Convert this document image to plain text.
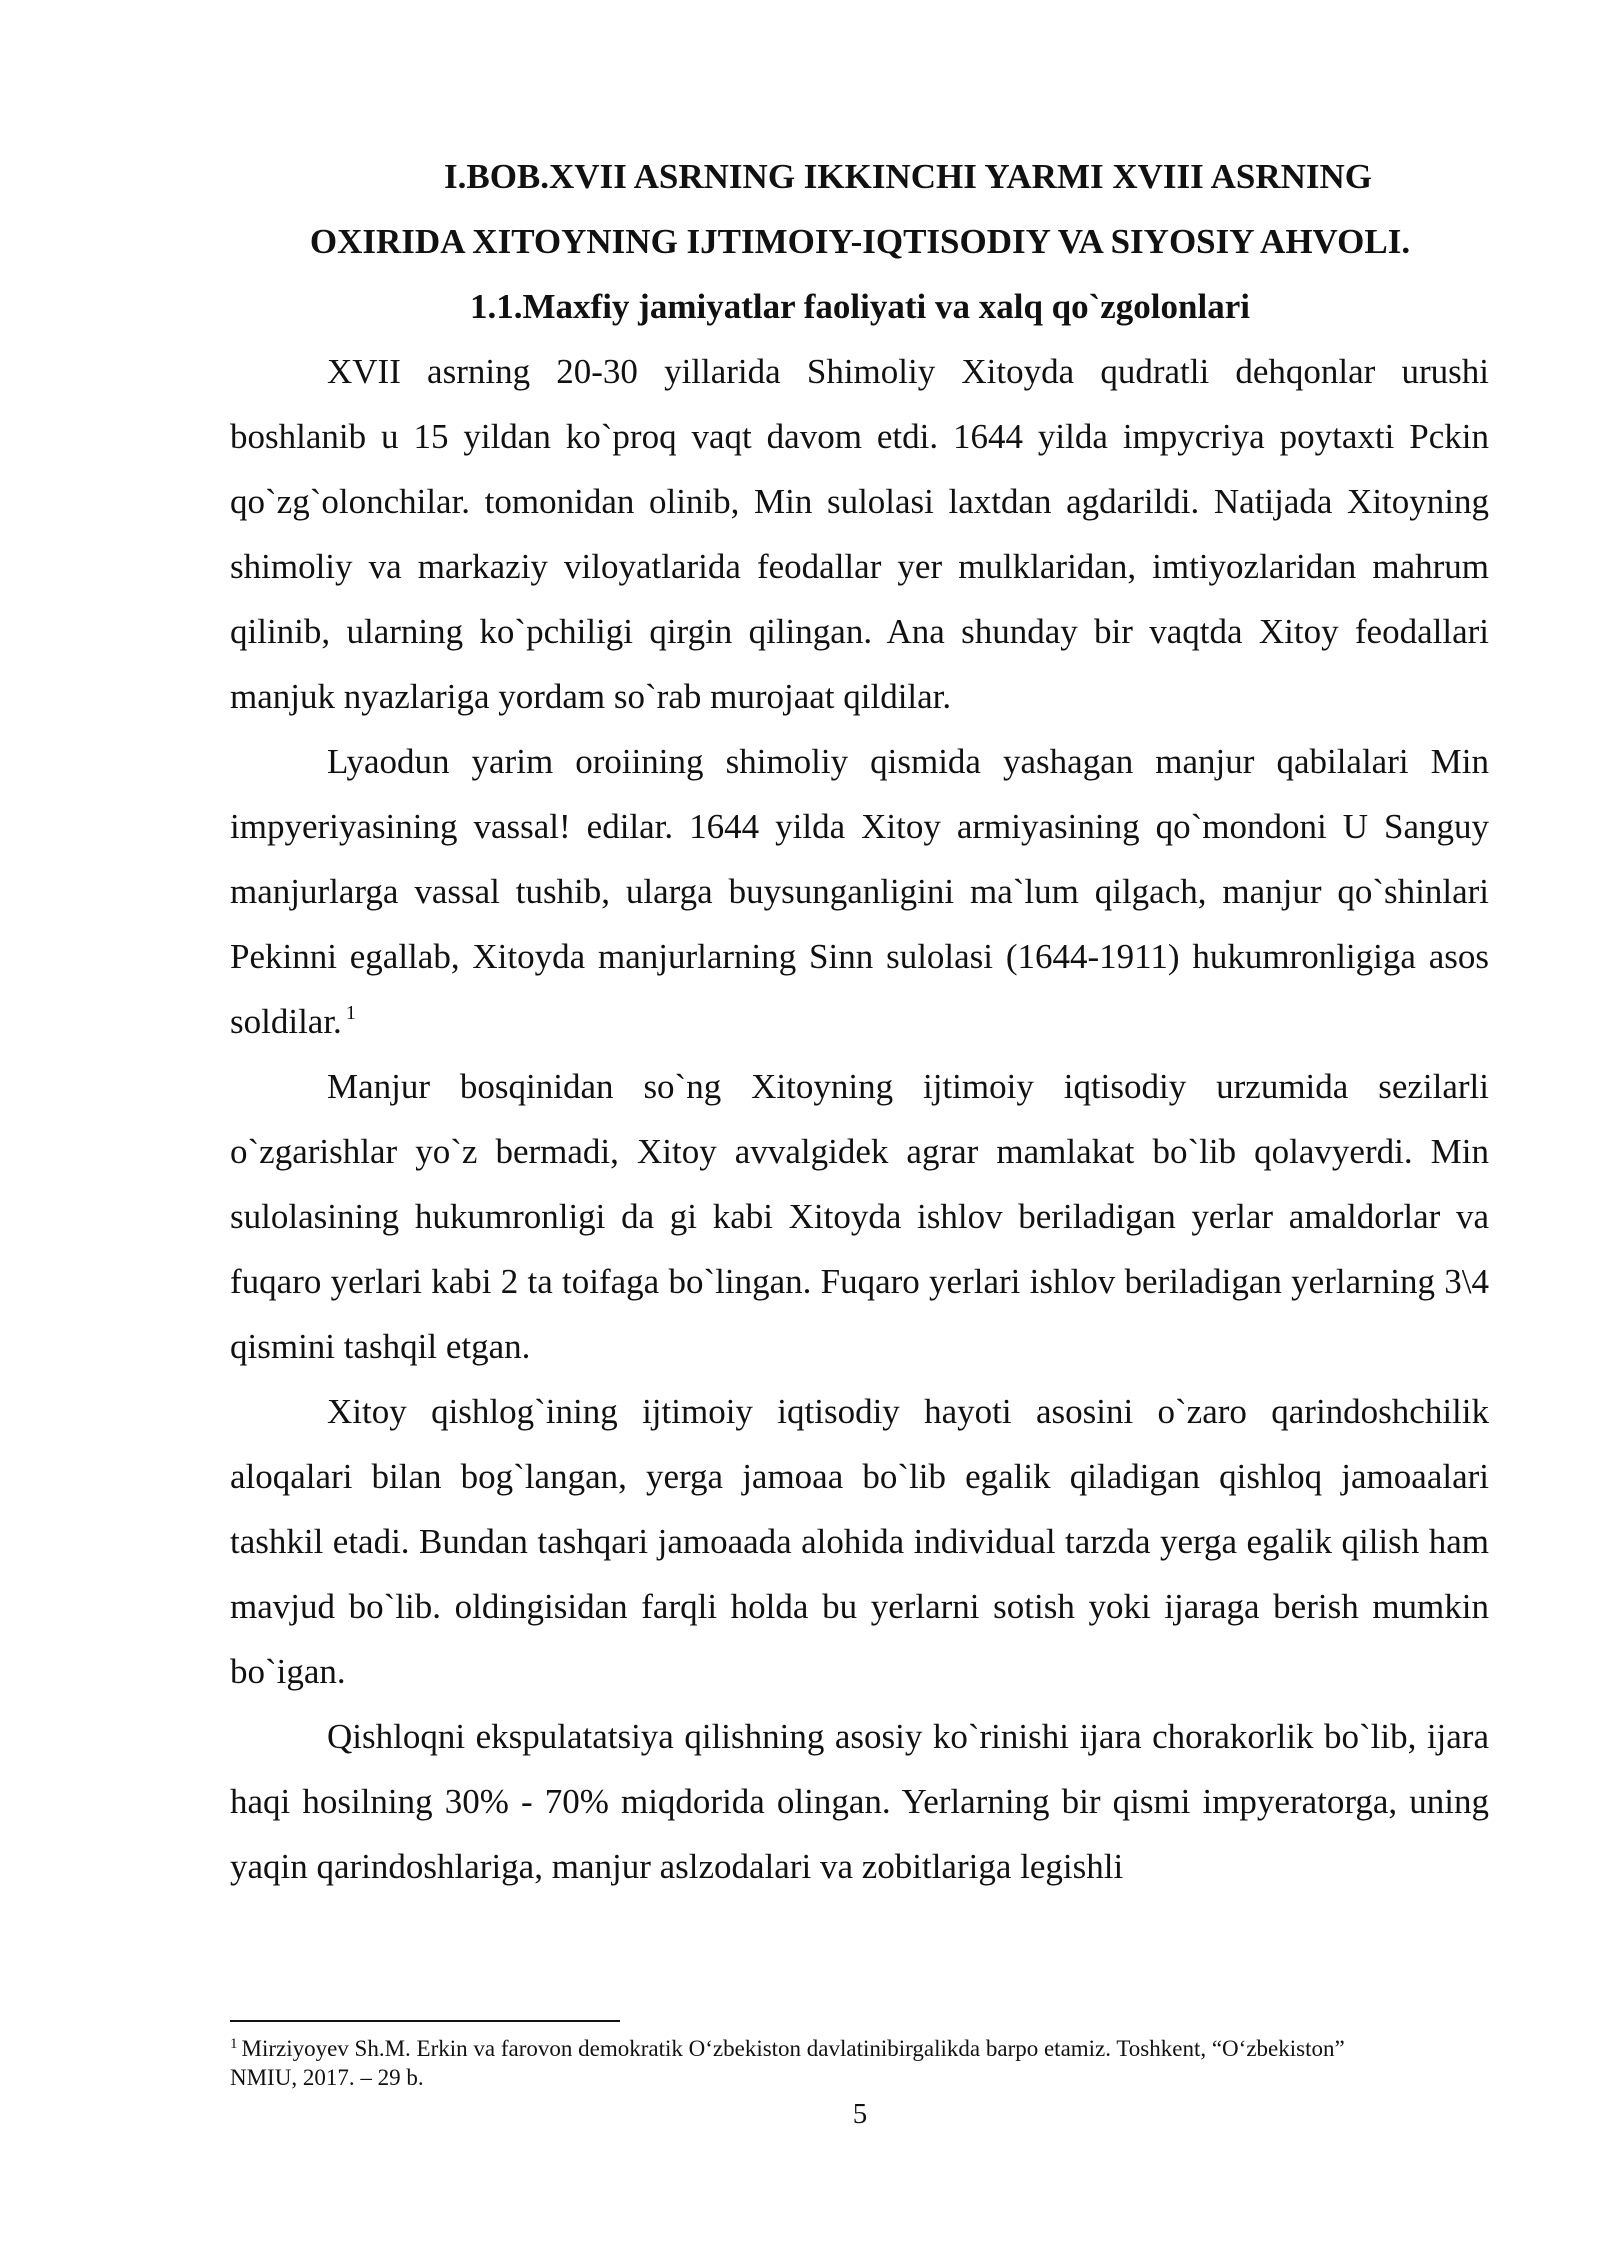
I.BOB.XVII ASRNING IKKINCHI YARMI XVIII ASRNING
OXIRIDA XITOYNING IJTIMOIY-IQTISODIY VA SIYOSIY AHVOLI.
1.1.Maxfiy jamiyatlar faoliyati va xalq qo`zgolonlari

XVII asrning 20-30 yillarida Shimoliy Xitoyda qudratli dehqonlar urushi boshlanib u 15 yildan ko`proq vaqt davom etdi. 1644 yilda impycriya poytaxti Pckin qo`zg`olonchilar. tomonidan olinib, Min sulolasi laxtdan agdarildi. Natijada Xitoyning shimoliy va markaziy viloyatlarida feodallar yer mulklaridan, imtiyozlaridan mahrum qilinib, ularning ko`pchiligi qirgin qilingan. Ana shunday bir vaqtda Xitoy feodallari manjuk nyazlariga yordam so`rab murojaat qildilar.

Lyaodun yarim oroiining shimoliy qismida yashagan manjur qabilalari Min impyeriyasining vassal! edilar. 1644 yilda Xitoy armiyasining qo`mondoni U Sanguy manjurlarga vassal tushib, ularga buysunganligini ma`lum qilgach, manjur qo`shinlari Pekinni egallab, Xitoyda manjurlarning Sinn sulolasi (1644-1911) hukumronligiga asos soldilar. $^1$

Manjur bosqinidan so`ng Xitoyning ijtimoiy iqtisodiy urzumida sezilarli o`zgarishlar yo`z bermadi, Xitoy avvalgidek agrar mamlakat bo`lib qolavyerdi. Min sulolasining hukumronligi da gi kabi Xitoyda ishlov beriladigan yerlar amaldorlar va fuqaro yerlari kabi 2 ta toifaga bo`lingan. Fuqaro yerlari ishlov beriladigan yerlarning 3\4 qismini tashqil etgan.

Xitoy qishlog`ining ijtimoiy iqtisodiy hayoti asosini o`zaro qarindoshchilik aloqalari bilan bog`langan, yerga jamoaa bo`lib egalik qiladigan qishloq jamoaalari tashkil etadi. Bundan tashqari jamoaada alohida individual tarzda yerga egalik qilish ham mavjud bo`lib. oldingisidan farqli holda bu yerlarni sotish yoki ijaraga berish mumkin bo`igan.

Qishloqni ekspulatatsiya qilishning asosiy ko`rinishi ijara chorakorlik bo`lib, ijara haqi hosilning 30% - 70% miqdorida olingan. Yerlarning bir qismi impyeratorga, uning yaqin qarindoshlariga, manjur aslzodalari va zobitlariga legishli

$^1$ Mirziyoyev Sh.M. Erkin va farovon demokratik O‘zbekiston davlatinibirgalikda barpo etamiz. Toshkent, “O‘zbekiston” NMIU, 2017. – 29 b.

5
